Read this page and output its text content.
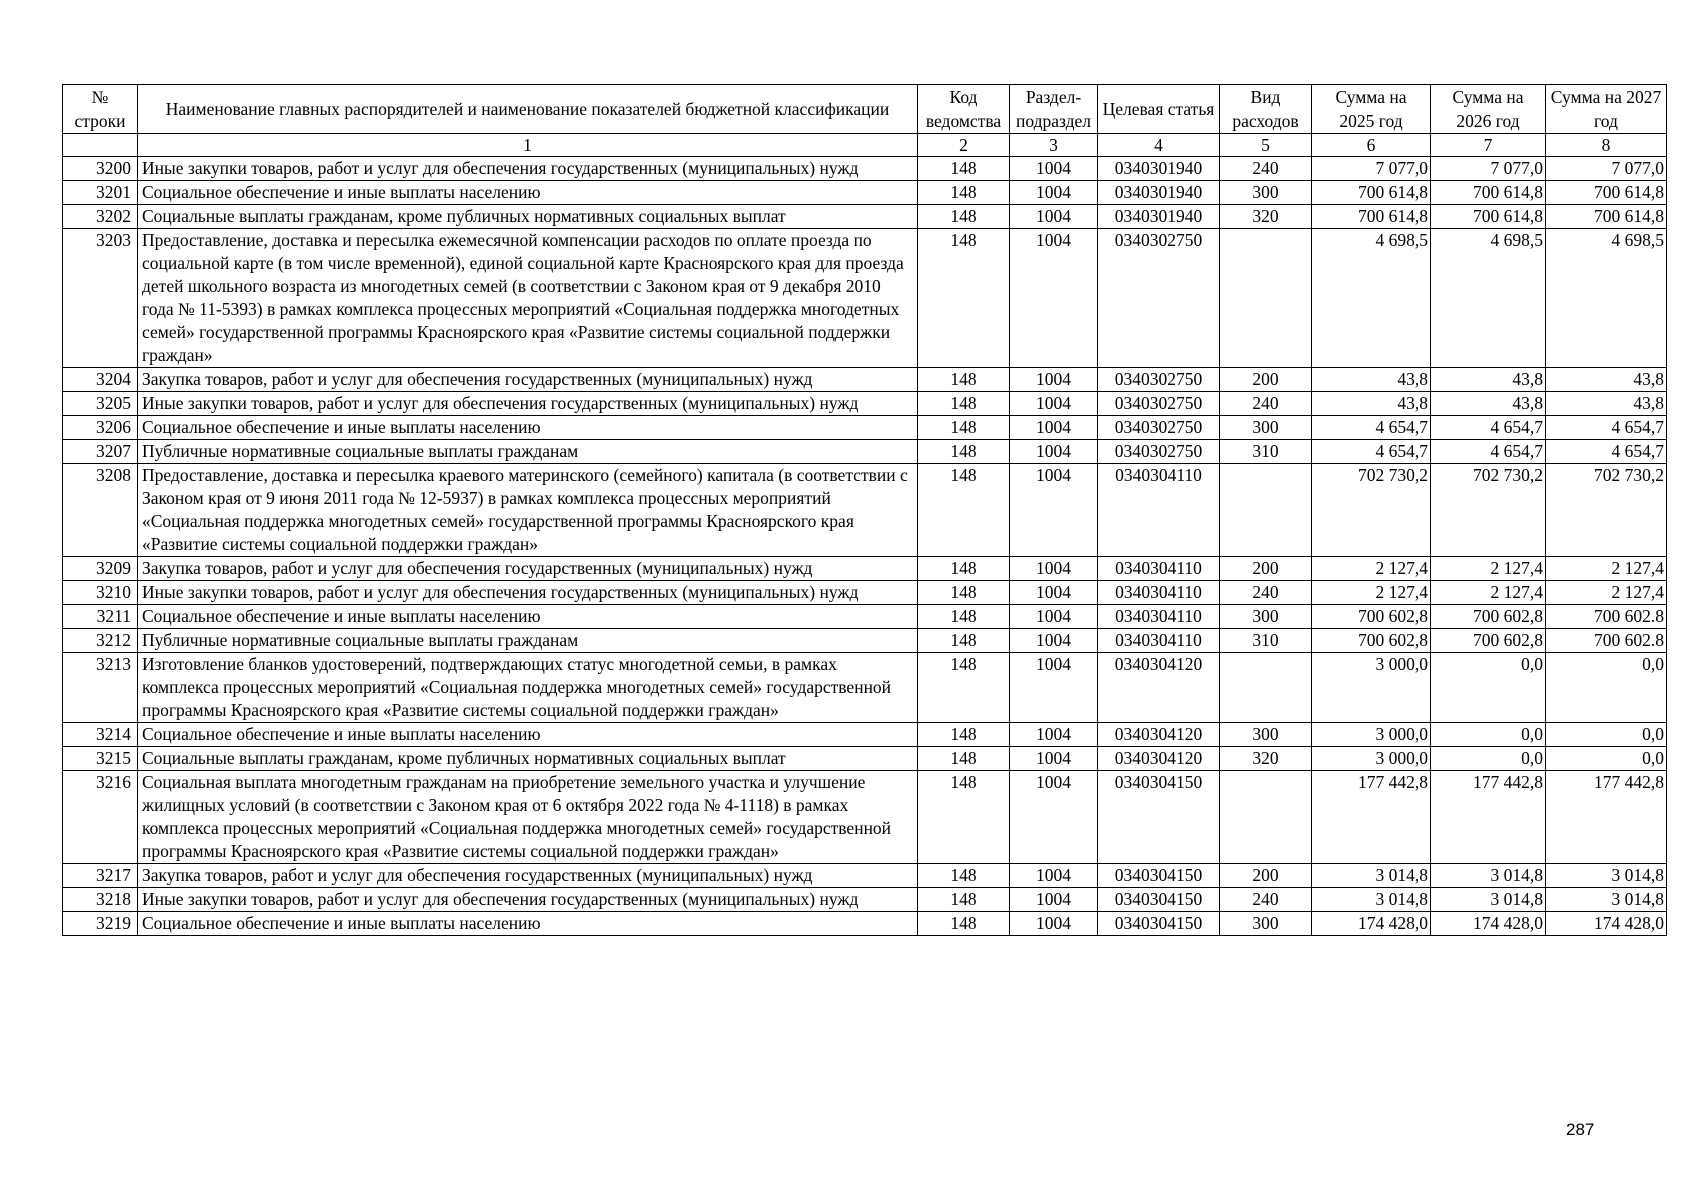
№ строки	Наименование главных распорядителей и наименование показателей бюджетной классификации	Код ведомства	Раздел- подраздел	Целевая статья	Вид расходов	Сумма на 2025 год	Сумма на 2026 год	Сумма на 2027 год
	1	2	3	4	5	6	7	8
3200	Иные закупки товаров, работ и услуг для обеспечения государственных (муниципальных) нужд	148	1004	0340301940	240	7 077,0	7 077,0	7 077,0
3201	Социальное обеспечение и иные выплаты населению	148	1004	0340301940	300	700 614,8	700 614,8	700 614,8
3202	Социальные выплаты гражданам, кроме публичных нормативных социальных выплат	148	1004	0340301940	320	700 614,8	700 614,8	700 614,8
3203	Предоставление, доставка и пересылка ежемесячной компенсации расходов по оплате проезда по социальной карте (в том числе временной), единой социальной карте Красноярского края для проезда детей школьного возраста из многодетных семей (в соответствии с Законом края от 9 декабря 2010 года № 11-5393) в рамках комплекса процессных мероприятий «Социальная поддержка многодетных семей» государственной программы Красноярского края «Развитие системы социальной поддержки граждан»	148	1004	0340302750		4 698,5	4 698,5	4 698,5
3204	Закупка товаров, работ и услуг для обеспечения государственных (муниципальных) нужд	148	1004	0340302750	200	43,8	43,8	43,8
3205	Иные закупки товаров, работ и услуг для обеспечения государственных (муниципальных) нужд	148	1004	0340302750	240	43,8	43,8	43,8
3206	Социальное обеспечение и иные выплаты населению	148	1004	0340302750	300	4 654,7	4 654,7	4 654,7
3207	Публичные нормативные социальные выплаты гражданам	148	1004	0340302750	310	4 654,7	4 654,7	4 654,7
3208	Предоставление, доставка и пересылка краевого материнского (семейного) капитала (в соответствии с Законом края от 9 июня 2011 года № 12-5937) в рамках комплекса процессных мероприятий «Социальная поддержка многодетных семей» государственной программы Красноярского края «Развитие системы социальной поддержки граждан»	148	1004	0340304110		702 730,2	702 730,2	702 730,2
3209	Закупка товаров, работ и услуг для обеспечения государственных (муниципальных) нужд	148	1004	0340304110	200	2 127,4	2 127,4	2 127,4
3210	Иные закупки товаров, работ и услуг для обеспечения государственных (муниципальных) нужд	148	1004	0340304110	240	2 127,4	2 127,4	2 127,4
3211	Социальное обеспечение и иные выплаты населению	148	1004	0340304110	300	700 602,8	700 602,8	700 602.8
3212	Публичные нормативные социальные выплаты гражданам	148	1004	0340304110	310	700 602,8	700 602,8	700 602.8
3213	Изготовление бланков удостоверений, подтверждающих статус многодетной семьи, в рамках комплекса процессных мероприятий «Социальная поддержка многодетных семей» государственной программы Красноярского края «Развитие системы социальной поддержки граждан»	148	1004	0340304120		3 000,0	0,0	0,0
3214	Социальное обеспечение и иные выплаты населению	148	1004	0340304120	300	3 000,0	0,0	0,0
3215	Социальные выплаты гражданам, кроме публичных нормативных социальных выплат	148	1004	0340304120	320	3 000,0	0,0	0,0
3216	Социальная выплата многодетным гражданам на приобретение земельного участка и улучшение жилищных условий (в соответствии с Законом края от 6 октября 2022 года № 4-1118) в рамках комплекса процессных мероприятий «Социальная поддержка многодетных семей» государственной программы Красноярского края «Развитие системы социальной поддержки граждан»	148	1004	0340304150		177 442,8	177 442,8	177 442,8
3217	Закупка товаров, работ и услуг для обеспечения государственных (муниципальных) нужд	148	1004	0340304150	200	3 014,8	3 014,8	3 014,8
3218	Иные закупки товаров, работ и услуг для обеспечения государственных (муниципальных) нужд	148	1004	0340304150	240	3 014,8	3 014,8	3 014,8
3219	Социальное обеспечение и иные выплаты населению	148	1004	0340304150	300	174 428,0	174 428,0	174 428,0
287
